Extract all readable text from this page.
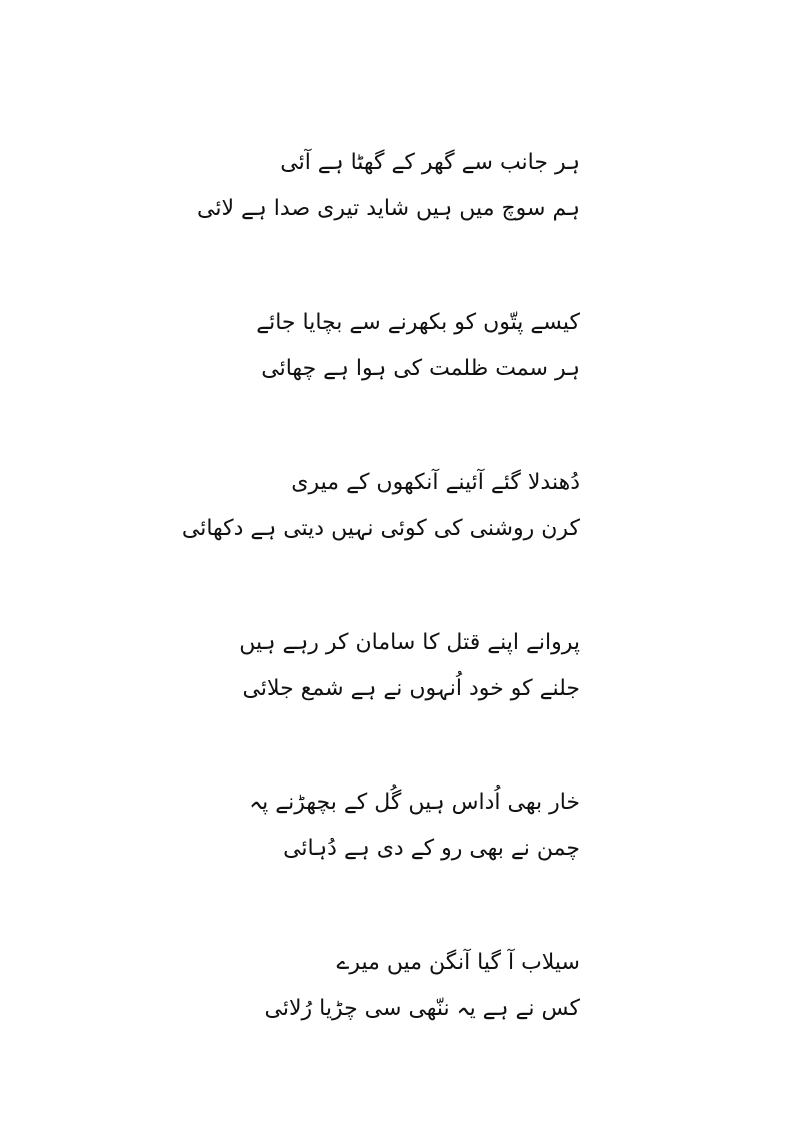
ہر جانب سے گھر کے گھٹا ہے آئی
ہم سوچ میں ہیں شاید تیری صدا ہے لائی
کیسے پتّوں کو بکھرنے سے بچایا جائے
ہر سمت ظلمت کی ہوا ہے چھائی
دُھندلا گئے آئینے آنکھوں کے میری
کرن روشنی کی کوئی نہیں دیتی ہے دکھائی
پروانے اپنے قتل کا سامان کر رہے ہیں
جلنے کو خود اُنہوں نے ہے شمع جلائی
خار بھی اُداس ہیں گُل کے بچھڑنے پہ
چمن نے بھی رو کے دی ہے دُہائی
سیلاب آ گیا آنگن میں میرے
کس نے ہے یہ ننّھی سی چڑیا رُلائی
